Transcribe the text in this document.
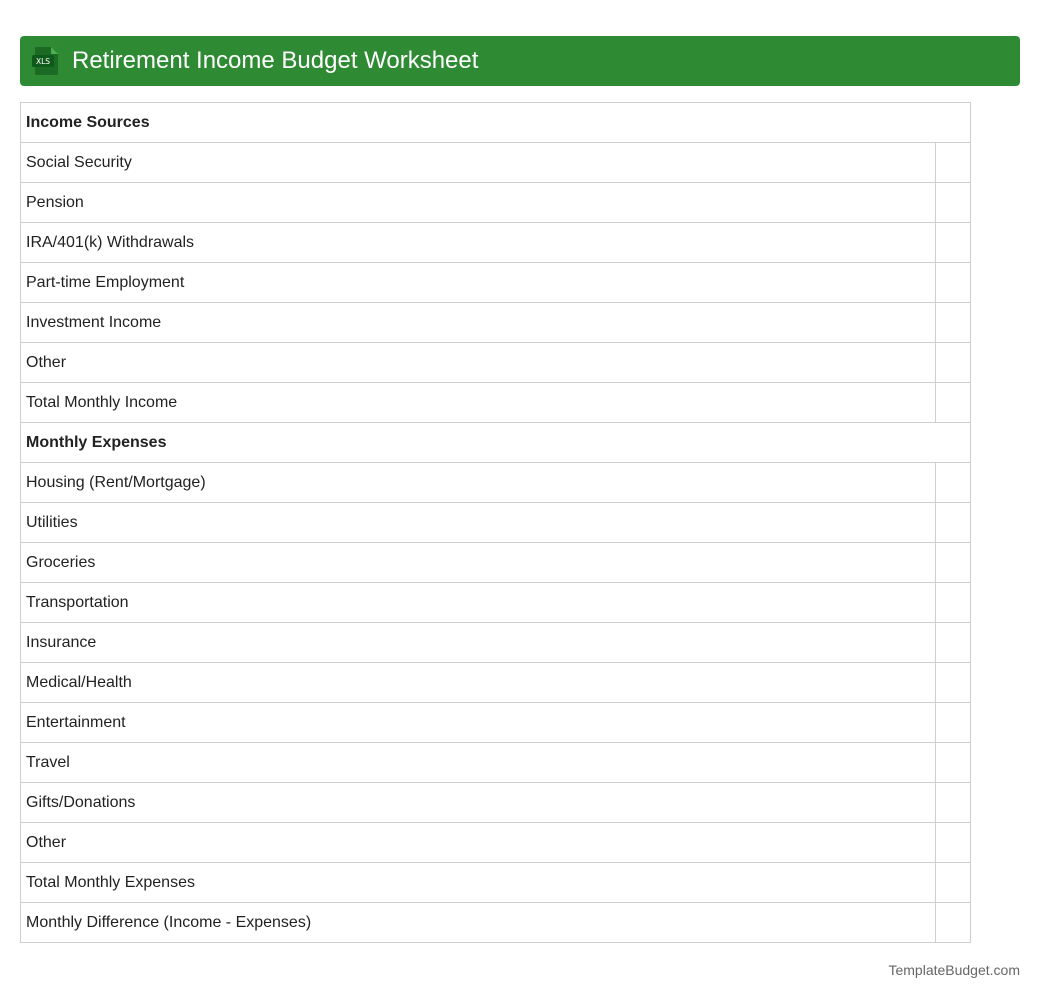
XLS Retirement Income Budget Worksheet
Income Sources	
Social Security	
Pension	
IRA/401(k) Withdrawals	
Part-time Employment	
Investment Income	
Other	
Total Monthly Income	
Monthly Expenses	
Housing (Rent/Mortgage)	
Utilities	
Groceries	
Transportation	
Insurance	
Medical/Health	
Entertainment	
Travel	
Gifts/Donations	
Other	
Total Monthly Expenses	
Monthly Difference (Income - Expenses)	
TemplateBudget.com
